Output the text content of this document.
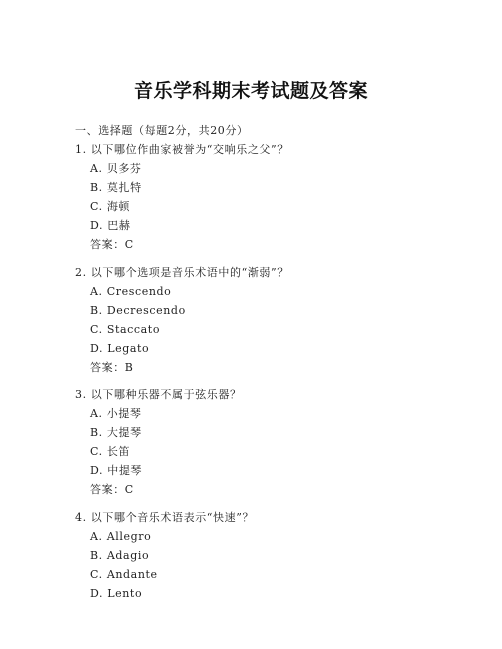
音乐学科期末考试题及答案
一、选择题（每题2分，共20分）
1. 以下哪位作曲家被誉为“交响乐之父”？
A. 贝多芬
B. 莫扎特
C. 海顿
D. 巴赫
答案：C
2. 以下哪个选项是音乐术语中的“渐弱”？
A. Crescendo
B. Decrescendo
C. Staccato
D. Legato
答案：B
3. 以下哪种乐器不属于弦乐器？
A. 小提琴
B. 大提琴
C. 长笛
D. 中提琴
答案：C
4. 以下哪个音乐术语表示“快速”？
A. Allegro
B. Adagio
C. Andante
D. Lento
